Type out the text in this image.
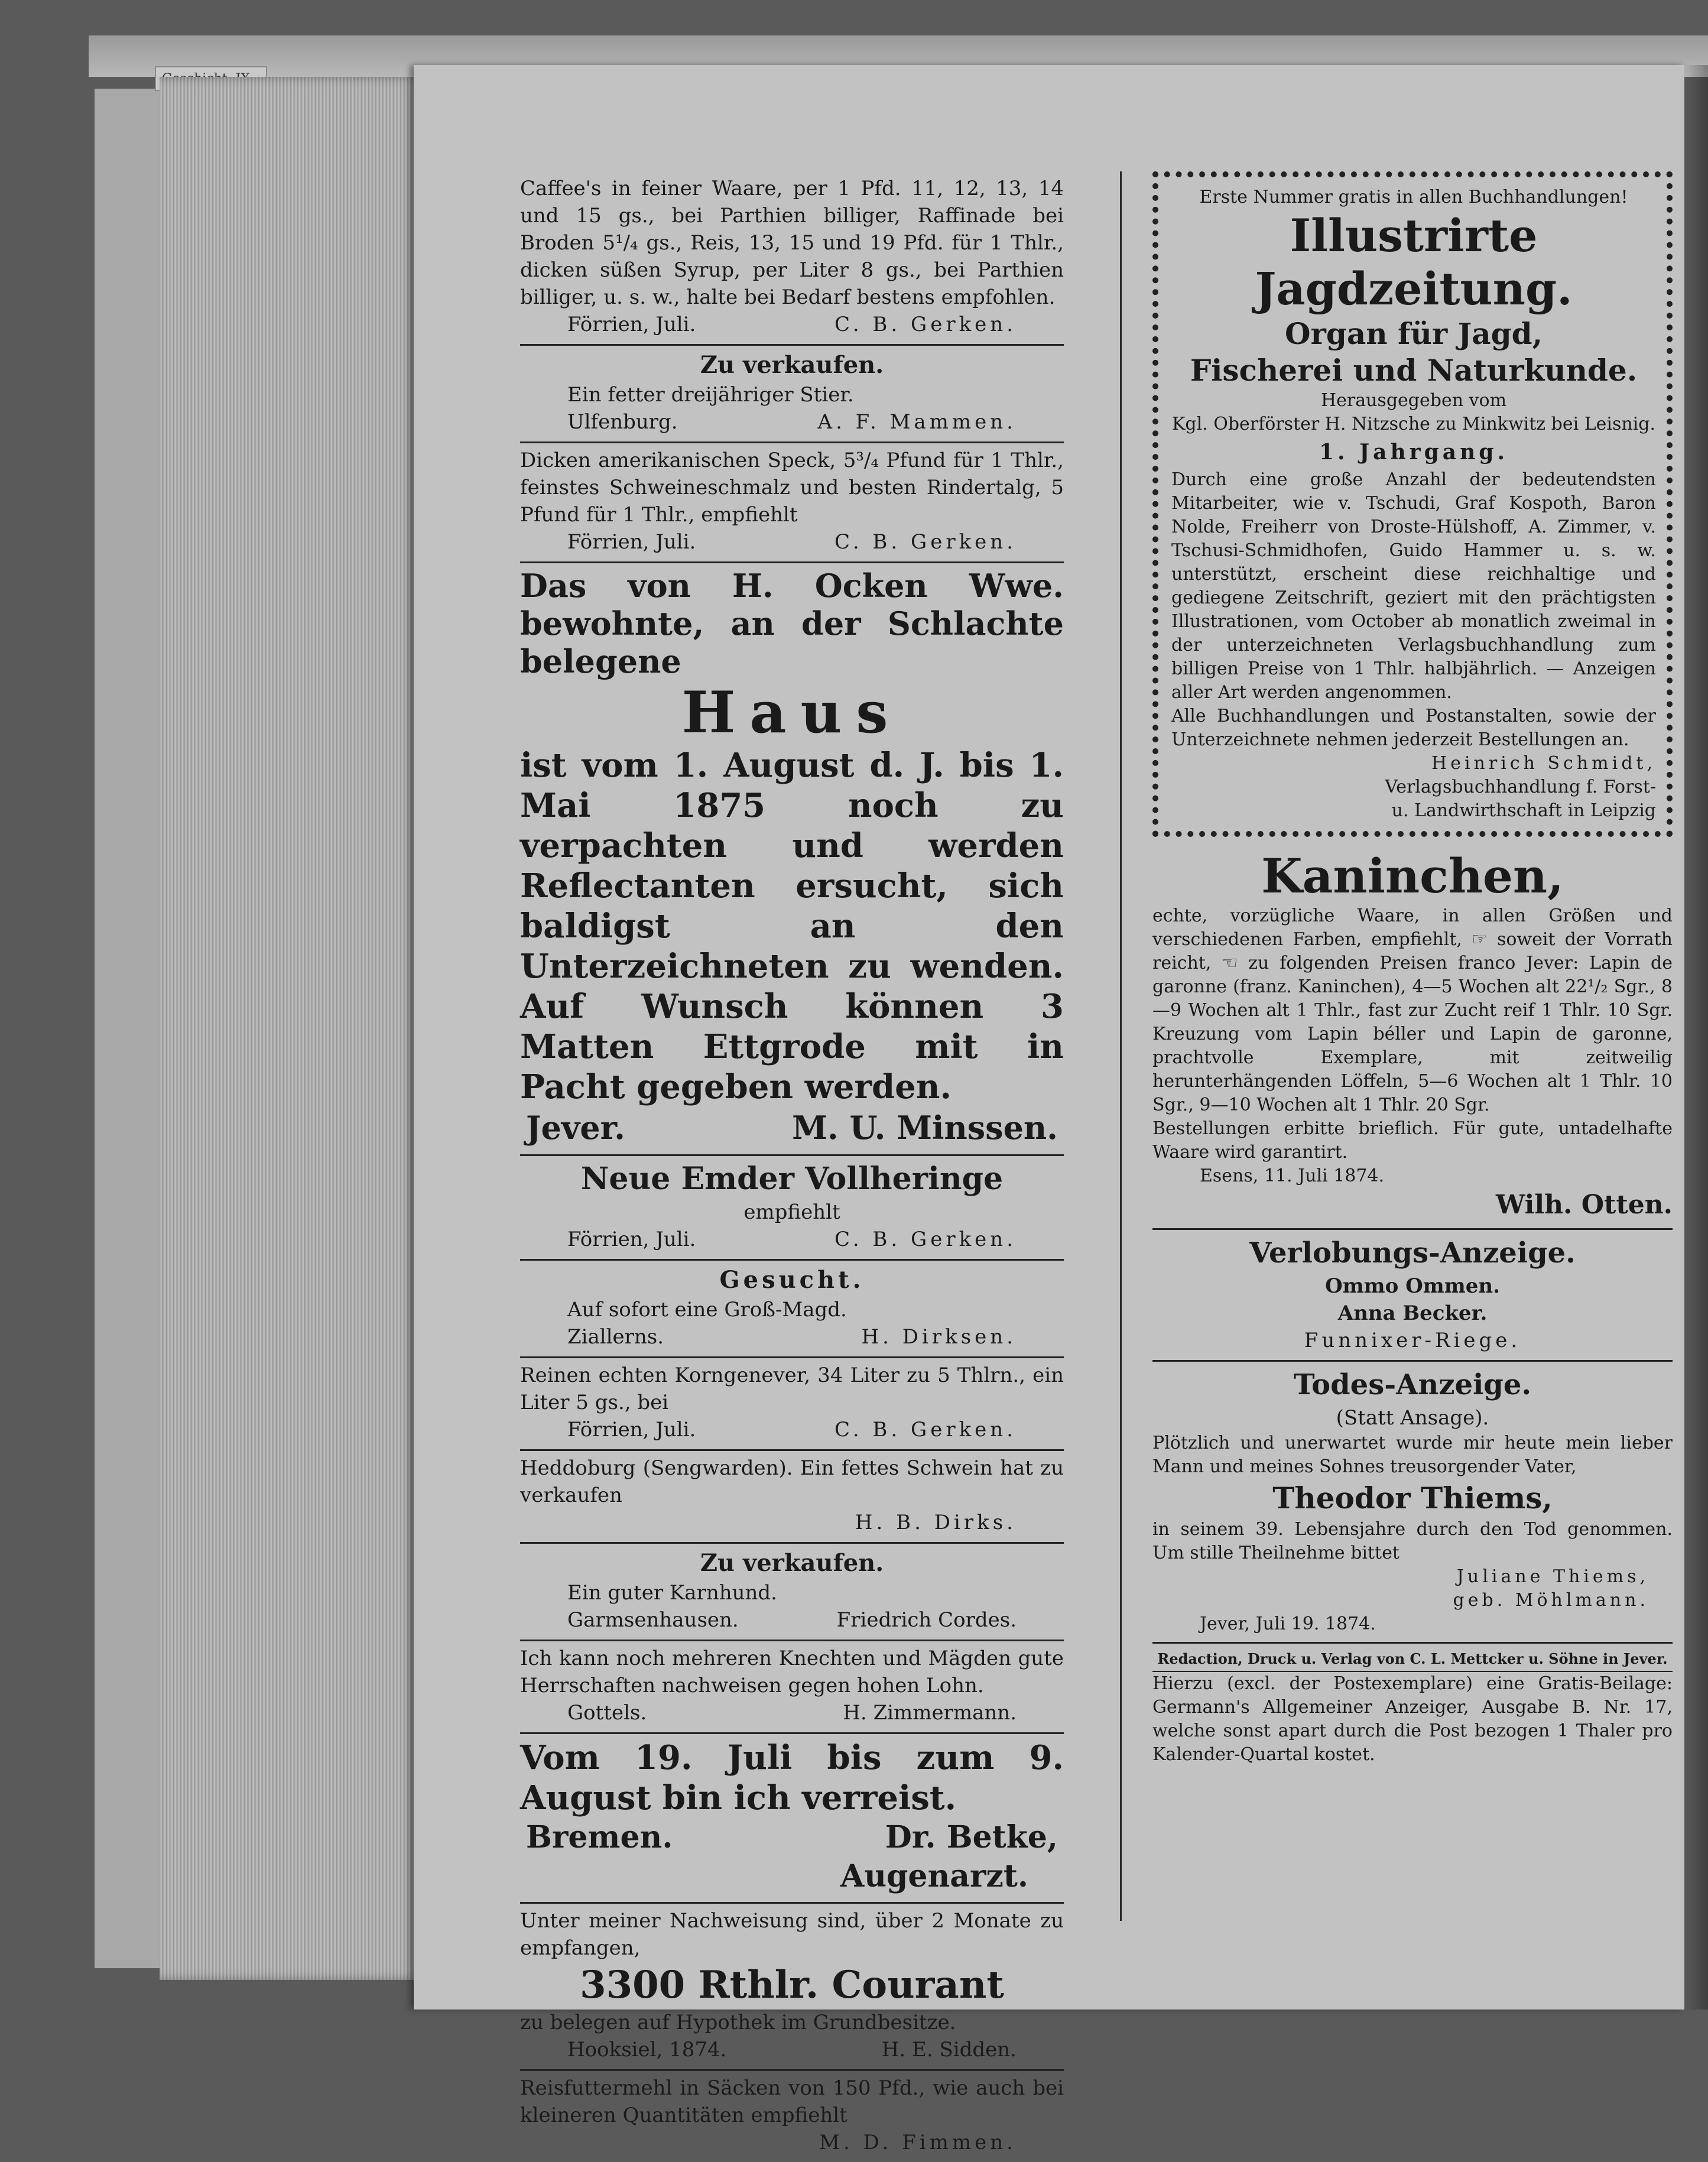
Caffee's in feiner Waare, per 1 Pfd. 11, 12, 13, 14 und 15 gs., bei Parthien billiger, Raffinade bei Broden 5¹/₄ gs., Reis, 13, 15 und 19 Pfd. für 1 Thlr., dicken süßen Syrup, per Liter 8 gs., bei Parthien billiger, u. s. w., halte bei Bedarf bestens empfohlen.
Förrien, Juli.	C. B. Gerken.
Zu verkaufen.
Ein fetter dreijähriger Stier.
Ulfenburg.	A. F. Mammen.
Dicken amerikanischen Speck, 5³/₄ Pfund für 1 Thlr., feinstes Schweineschmalz und besten Rindertalg, 5 Pfund für 1 Thlr., empfiehlt
Förrien, Juli.	C. B. Gerken.
Das von H. Ocken Wwe. bewohnte, an der Schlachte belegene
Haus
ist vom 1. August d. J. bis 1. Mai 1875 noch zu verpachten und werden Reflectanten ersucht, sich baldigst an den Unterzeichneten zu wenden. Auf Wunsch können 3 Matten Ettgrode mit in Pacht gegeben werden.
Jever.	M. U. Minssen.
Neue Emder Vollheringe
empfiehlt
Förrien, Juli.	C. B. Gerken.
Gesucht.
Auf sofort eine Groß-Magd.
Ziallerns.	H. Dirksen.
Reinen echten Korngenever, 34 Liter zu 5 Thlrn., ein Liter 5 gs., bei
Förrien, Juli.	C. B. Gerken.
Heddoburg (Sengwarden). Ein fettes Schwein hat zu verkaufen
H. B. Dirks.
Zu verkaufen.
Ein guter Karnhund.
Garmsenhausen.	Friedrich Cordes.
Ich kann noch mehreren Knechten und Mägden gute Herrschaften nachweisen gegen hohen Lohn.
Gottels.	H. Zimmermann.
Vom 19. Juli bis zum 9. August bin ich verreist.
Bremen.	Dr. Betke,
Augenarzt.
Unter meiner Nachweisung sind, über 2 Monate zu empfangen,
3300 Rthlr. Courant
zu belegen auf Hypothek im Grundbesitze.
Hooksiel, 1874.	H. E. Sidden.
Reisfuttermehl in Säcken von 150 Pfd., wie auch bei kleineren Quantitäten empfiehlt
M. D. Fimmen.
Erste Nummer gratis in allen Buchhandlungen!
Illustrirte Jagdzeitung.
Organ für Jagd,
Fischerei und Naturkunde.
Herausgegeben vom
Kgl. Oberförster H. Nitzsche zu Minkwitz bei Leisnig.
1. Jahrgang.
Durch eine große Anzahl der bedeutendsten Mitarbeiter, wie v. Tschudi, Graf Kospoth, Baron Nolde, Freiherr von Droste-Hülshoff, A. Zimmer, v. Tschusi-Schmidhofen, Guido Hammer u. s. w. unterstützt, erscheint diese reichhaltige und gediegene Zeitschrift, geziert mit den prächtigsten Illustrationen, vom October ab monatlich zweimal in der unterzeichneten Verlagsbuchhandlung zum billigen Preise von 1 Thlr. halbjährlich. — Anzeigen aller Art werden angenommen.
Alle Buchhandlungen und Postanstalten, sowie der Unterzeichnete nehmen jederzeit Bestellungen an.
Heinrich Schmidt,
Verlagsbuchhandlung f. Forst-
u. Landwirthschaft in Leipzig
Kaninchen,
echte, vorzügliche Waare, in allen Größen und verschiedenen Farben, empfiehlt, ☞ soweit der Vorrath reicht, ☜ zu folgenden Preisen franco Jever: Lapin de garonne (franz. Kaninchen), 4—5 Wochen alt 22¹/₂ Sgr., 8—9 Wochen alt 1 Thlr., fast zur Zucht reif 1 Thlr. 10 Sgr. Kreuzung vom Lapin béller und Lapin de garonne, prachtvolle Exemplare, mit zeitweilig herunterhängenden Löffeln, 5—6 Wochen alt 1 Thlr. 10 Sgr., 9—10 Wochen alt 1 Thlr. 20 Sgr.
Bestellungen erbitte brieflich. Für gute, untadelhafte Waare wird garantirt.
Esens, 11. Juli 1874.
Wilh. Otten.
Verlobungs-Anzeige.
Ommo Ommen.
Anna Becker.
Funnixer-Riege.
Todes-Anzeige.
(Statt Ansage).
Plötzlich und unerwartet wurde mir heute mein lieber Mann und meines Sohnes treusorgender Vater,
Theodor Thiems,
in seinem 39. Lebensjahre durch den Tod genommen. Um stille Theilnehme bittet
Juliane Thiems,
geb. Möhlmann.
Jever, Juli 19. 1874.
Redaction, Druck u. Verlag von C. L. Mettcker u. Söhne in Jever.
Hierzu (excl. der Postexemplare) eine Gratis-Beilage: Germann's Allgemeiner Anzeiger, Ausgabe B. Nr. 17, welche sonst apart durch die Post bezogen 1 Thaler pro Kalender-Quartal kostet.
